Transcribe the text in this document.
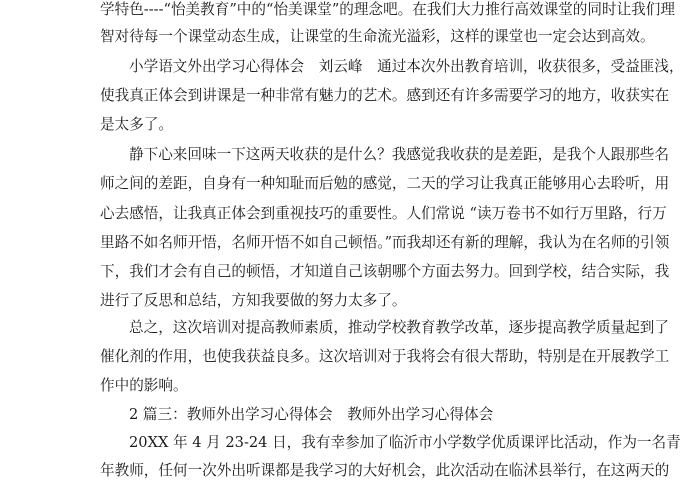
学特色----“怡美教育”中的“怡美课堂”的理念吧。在我们大力推行高效课堂的同时让我们理
智对待每一个课堂动态生成，让课堂的生命流光溢彩，这样的课堂也一定会达到高效。
小学语文外出学习心得体会　刘云峰　通过本次外出教育培训，收获很多，受益匪浅，
使我真正体会到讲课是一种非常有魅力的艺术。感到还有许多需要学习的地方，收获实在
是太多了。
静下心来回味一下这两天收获的是什么？我感觉我收获的是差距，是我个人跟那些名
师之间的差距，自身有一种知耻而后勉的感觉，二天的学习让我真正能够用心去聆听，用
心去感悟，让我真正体会到重视技巧的重要性。人们常说 “读万卷书不如行万里路，行万
里路不如名师开悟，名师开悟不如自己顿悟。”而我却还有新的理解，我认为在名师的引领
下，我们才会有自己的顿悟，才知道自己该朝哪个方面去努力。回到学校，结合实际，我
进行了反思和总结，方知我要做的努力太多了。
总之，这次培训对提高教师素质，推动学校教育教学改革，逐步提高教学质量起到了
催化剂的作用，也使我获益良多。这次培训对于我将会有很大帮助，特别是在开展教学工
作中的影响。
2 篇三：教师外出学习心得体会　教师外出学习心得体会
20XX 年 4 月 23-24 日，我有幸参加了临沂市小学数学优质课评比活动，作为一名青
年教师，任何一次外出听课都是我学习的大好机会，此次活动在临沭县举行，在这两天的
